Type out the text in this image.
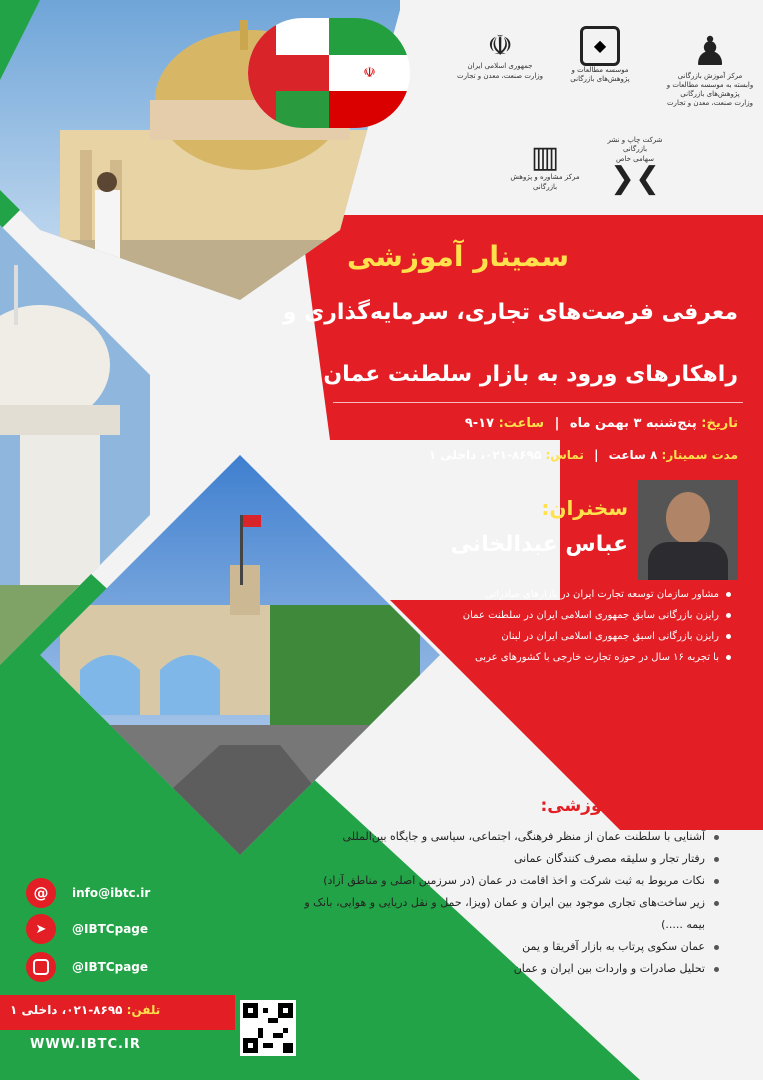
☫
☫
جمهوری اسلامی ایران
وزارت صنعت، معدن و تجارت
◆
موسسه مطالعات و پژوهش‌های بازرگانی
♟
مرکز آموزش بازرگانی
وابسته به موسسه مطالعات و پژوهش‌های بازرگانی
وزارت صنعت، معدن و تجارت
شرکت چاپ و نشر بازرگانی
سهامی خاص
❯❮
▥
مرکز مشاوره و پژوهش بازرگانی
سمینار آموزشی
معرفی فرصت‌های تجاری، سرمایه‌گذاری و
راهکارهای ورود به بازار سلطنت عمان
تاریخ: پنج‌شنبه ۳ بهمن ماه | ساعت: ۱۷-۹
مدت سمینار: ۸ ساعت | تماس: ۸۶۹۵-۰۲۱، داخلی ۱
سخنران:
عباس عبدالخانی
مشاور سازمان توسعه تجارت ایران در بازارهای صادراتی
رایزن بازرگانی سابق جمهوری اسلامی ایران در سلطنت عمان
رایزن بازرگانی اسبق جمهوری اسلامی ایران در لبنان
با تجربه ۱۶ سال در حوزه تجارت خارجی با کشورهای عربی
سرفصل‌های آموزشی:
آشنایی با سلطنت عمان از منظر فرهنگی، اجتماعی، سیاسی و جایگاه بین‌المللی
رفتار تجار و سلیقه مصرف کنندگان عمانی
نکات مربوط به ثبت شرکت و اخذ اقامت در عمان (در سرزمین اصلی و مناطق آزاد)
زیر ساخت‌های تجاری موجود بین ایران و عمان (ویزا، حمل و نقل دریایی و هوایی، بانک و بیمه .....)
عمان سکوی پرتاب به بازار آفریقا و یمن
تحلیل صادرات و واردات بین ایران و عمان
@	info@ibtc.ir
➤	@IBTCpage
@IBTCpage
تلفن: ۸۶۹۵-۰۲۱، داخلی ۱
WWW.IBTC.IR
